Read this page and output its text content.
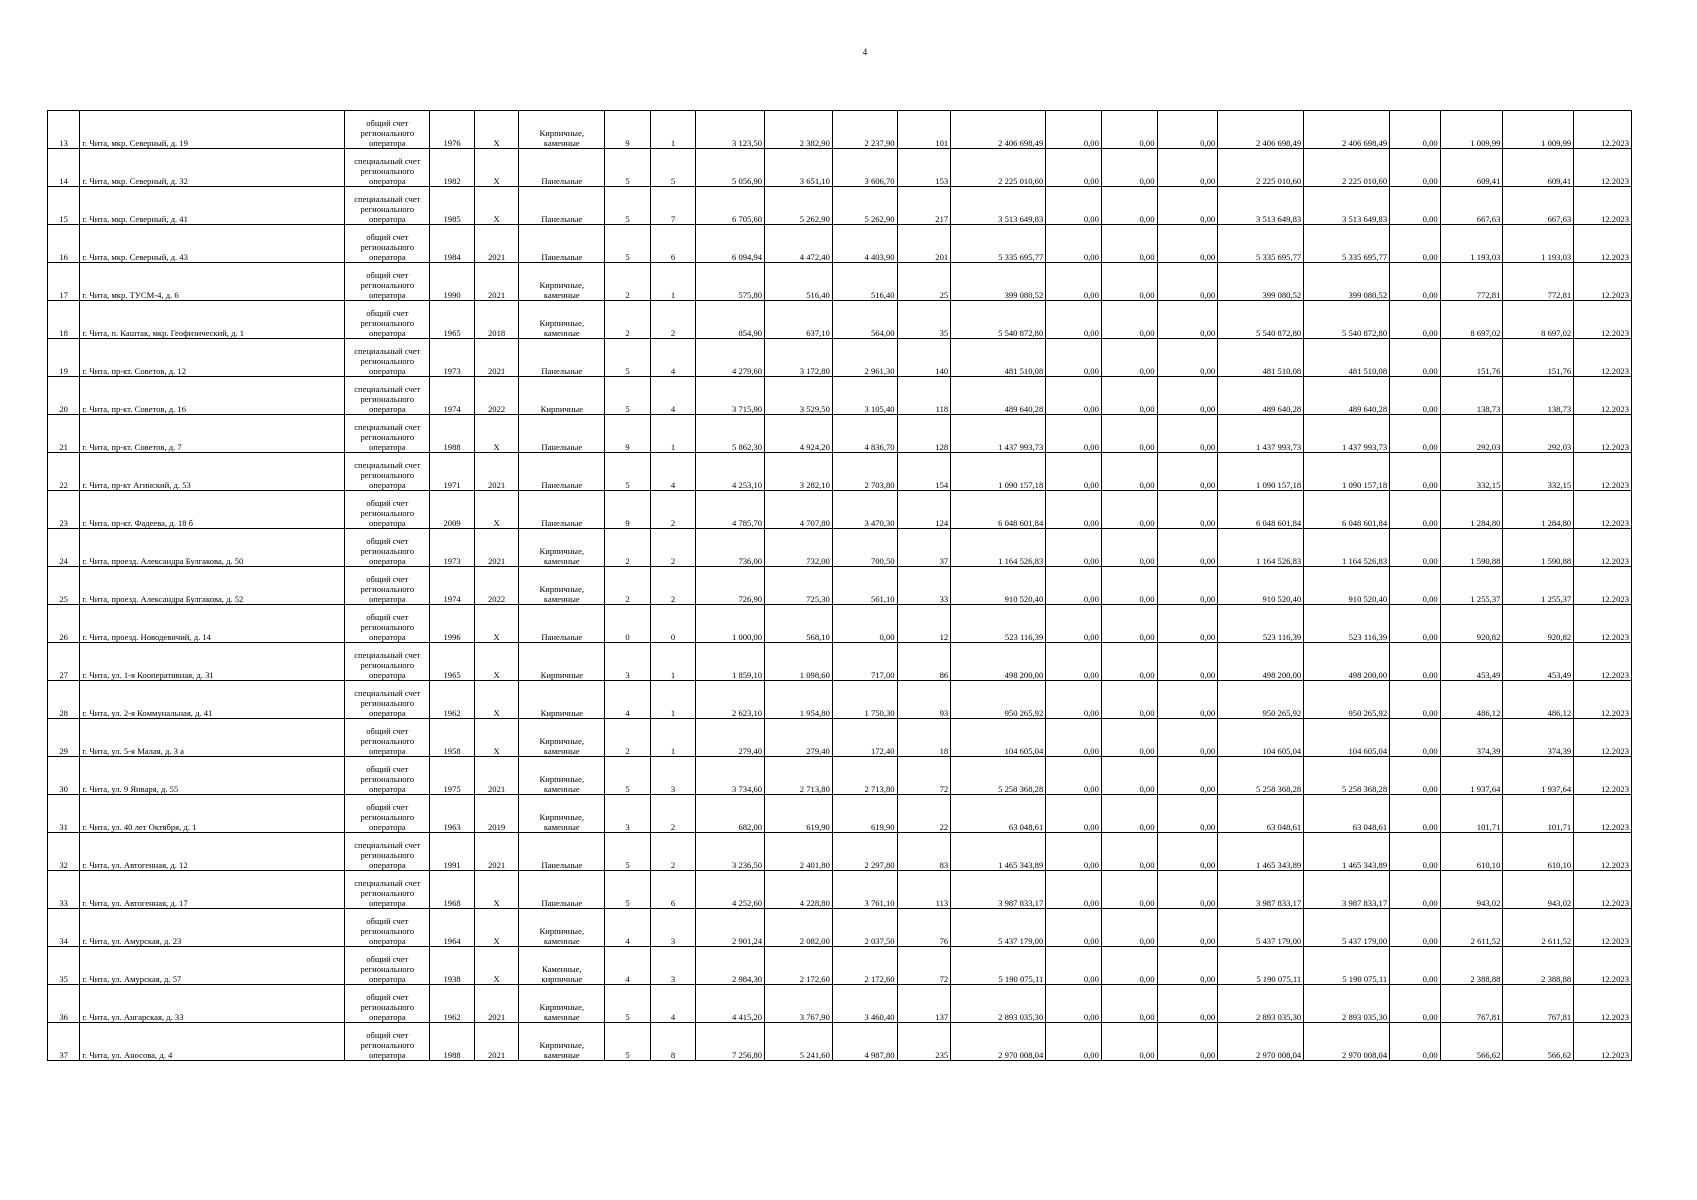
4
13	г. Чита, мкр. Северный, д. 19	общий счет регионального оператора	1976	Х	Кирпичные, каменные	9	1	3 123,50	2 382,90	2 237,90	101	2 406 698,49	0,00	0,00	0,00	2 406 698,49	2 406 698,49	0,00	1 009,99	1 009,99	12.2023
14	г. Чита, мкр. Северный, д. 32	специальный счет регионального оператора	1982	Х	Панельные	5	5	5 056,90	3 651,10	3 606,70	153	2 225 010,60	0,00	0,00	0,00	2 225 010,60	2 225 010,60	0,00	609,41	609,41	12.2023
15	г. Чита, мкр. Северный, д. 41	специальный счет регионального оператора	1985	Х	Панельные	5	7	6 705,60	5 262,90	5 262,90	217	3 513 649,83	0,00	0,00	0,00	3 513 649,83	3 513 649,83	0,00	667,63	667,63	12.2023
16	г. Чита, мкр. Северный, д. 43	общий счет регионального оператора	1984	2021	Панельные	5	6	6 094,94	4 472,40	4 403,90	201	5 335 695,77	0,00	0,00	0,00	5 335 695,77	5 335 695,77	0,00	1 193,03	1 193,03	12.2023
17	г. Чита, мкр. ТУСМ-4, д. 6	общий счет регионального оператора	1990	2021	Кирпичные, каменные	2	1	575,80	516,40	516,40	25	399 080,52	0,00	0,00	0,00	399 080,52	399 080,52	0,00	772,81	772,81	12.2023
18	г. Чита, п. Каштак, мкр. Геофизический, д. 1	общий счет регионального оператора	1965	2018	Кирпичные, каменные	2	2	854,90	637,10	564,00	35	5 540 872,80	0,00	0,00	0,00	5 540 872,80	5 540 872,80	0,00	8 697,02	8 697,02	12.2023
19	г. Чита, пр-кт. Советов, д. 12	специальный счет регионального оператора	1973	2021	Панельные	5	4	4 279,60	3 172,80	2 961,30	140	481 510,08	0,00	0,00	0,00	481 510,08	481 510,08	0,00	151,76	151,76	12.2023
20	г. Чита, пр-кт. Советов, д. 16	специальный счет регионального оператора	1974	2022	Кирпичные	5	4	3 715,90	3 529,50	3 105,40	118	489 640,28	0,00	0,00	0,00	489 640,28	489 640,28	0,00	138,73	138,73	12.2023
21	г. Чита, пр-кт. Советов, д. 7	специальный счет регионального оператора	1988	Х	Панельные	9	1	5 862,30	4 924,20	4 836,70	128	1 437 993,73	0,00	0,00	0,00	1 437 993,73	1 437 993,73	0,00	292,03	292,03	12.2023
22	г. Чита, пр-кт Агинский, д. 53	специальный счет регионального оператора	1971	2021	Панельные	5	4	4 253,10	3 282,10	2 703,80	154	1 090 157,18	0,00	0,00	0,00	1 090 157,18	1 090 157,18	0,00	332,15	332,15	12.2023
23	г. Чита, пр-кт. Фадеева, д. 18 б	общий счет регионального оператора	2009	Х	Панельные	9	2	4 785,70	4 707,80	3 470,30	124	6 048 601,84	0,00	0,00	0,00	6 048 601,84	6 048 601,84	0,00	1 284,80	1 284,80	12.2023
24	г. Чита, проезд. Александра Булгакова, д. 50	общий счет регионального оператора	1973	2021	Кирпичные, каменные	2	2	736,00	732,00	700,50	37	1 164 526,83	0,00	0,00	0,00	1 164 526,83	1 164 526,83	0,00	1 590,88	1 590,88	12.2023
25	г. Чита, проезд. Александра Булгакова, д. 52	общий счет регионального оператора	1974	2022	Кирпичные, каменные	2	2	726,90	725,30	561,10	33	910 520,40	0,00	0,00	0,00	910 520,40	910 520,40	0,00	1 255,37	1 255,37	12.2023
26	г. Чита, проезд. Новодевичий, д. 14	общий счет регионального оператора	1996	Х	Панельные	0	0	1 000,00	568,10	0,00	12	523 116,39	0,00	0,00	0,00	523 116,39	523 116,39	0,00	920,82	920,82	12.2023
27	г. Чита, ул. 1-я Кооперативная, д. 31	специальный счет регионального оператора	1965	Х	Кирпичные	3	1	1 859,10	1 098,60	717,00	86	498 200,00	0,00	0,00	0,00	498 200,00	498 200,00	0,00	453,49	453,49	12.2023
28	г. Чита, ул. 2-я Коммунальная, д. 41	специальный счет регионального оператора	1962	Х	Кирпичные	4	1	2 623,10	1 954,80	1 750,30	93	950 265,92	0,00	0,00	0,00	950 265,92	950 265,92	0,00	486,12	486,12	12.2023
29	г. Чита, ул. 5-я Малая, д. 3 а	общий счет регионального оператора	1958	Х	Кирпичные, каменные	2	1	279,40	279,40	172,40	18	104 605,04	0,00	0,00	0,00	104 605,04	104 605,04	0,00	374,39	374,39	12.2023
30	г. Чита, ул. 9 Января, д. 55	общий счет регионального оператора	1975	2021	Кирпичные, каменные	5	3	3 734,60	2 713,80	2 713,80	72	5 258 368,28	0,00	0,00	0,00	5 258 368,28	5 258 368,28	0,00	1 937,64	1 937,64	12.2023
31	г. Чита, ул. 40 лет Октября, д. 1	общий счет регионального оператора	1963	2019	Кирпичные, каменные	3	2	682,00	619,90	619,90	22	63 048,61	0,00	0,00	0,00	63 048,61	63 048,61	0,00	101,71	101,71	12.2023
32	г. Чита, ул. Автогенная, д. 12	специальный счет регионального оператора	1991	2021	Панельные	5	2	3 236,50	2 401,80	2 297,80	83	1 465 343,89	0,00	0,00	0,00	1 465 343,89	1 465 343,89	0,00	610,10	610,10	12.2023
33	г. Чита, ул. Автогенная, д. 17	специальный счет регионального оператора	1968	Х	Панельные	5	6	4 252,60	4 228,80	3 761,10	113	3 987 833,17	0,00	0,00	0,00	3 987 833,17	3 987 833,17	0,00	943,02	943,02	12.2023
34	г. Чита, ул. Амурская, д. 23	общий счет регионального оператора	1964	Х	Кирпичные, каменные	4	3	2 901,24	2 082,00	2 037,50	76	5 437 179,00	0,00	0,00	0,00	5 437 179,00	5 437 179,00	0,00	2 611,52	2 611,52	12.2023
35	г. Чита, ул. Амурская, д. 57	общий счет регионального оператора	1938	Х	Каменные, кирпичные	4	3	2 984,30	2 172,60	2 172,60	72	5 190 075,11	0,00	0,00	0,00	5 190 075,11	5 190 075,11	0,00	2 388,88	2 388,88	12.2023
36	г. Чита, ул. Ангарская, д. 33	общий счет регионального оператора	1962	2021	Кирпичные, каменные	5	4	4 415,20	3 767,90	3 460,40	137	2 893 035,30	0,00	0,00	0,00	2 893 035,30	2 893 035,30	0,00	767,81	767,81	12.2023
37	г. Чита, ул. Аносова, д. 4	общий счет регионального оператора	1988	2021	Кирпичные, каменные	5	8	7 256,80	5 241,60	4 987,80	235	2 970 008,04	0,00	0,00	0,00	2 970 008,04	2 970 008,04	0,00	566,62	566,62	12.2023
